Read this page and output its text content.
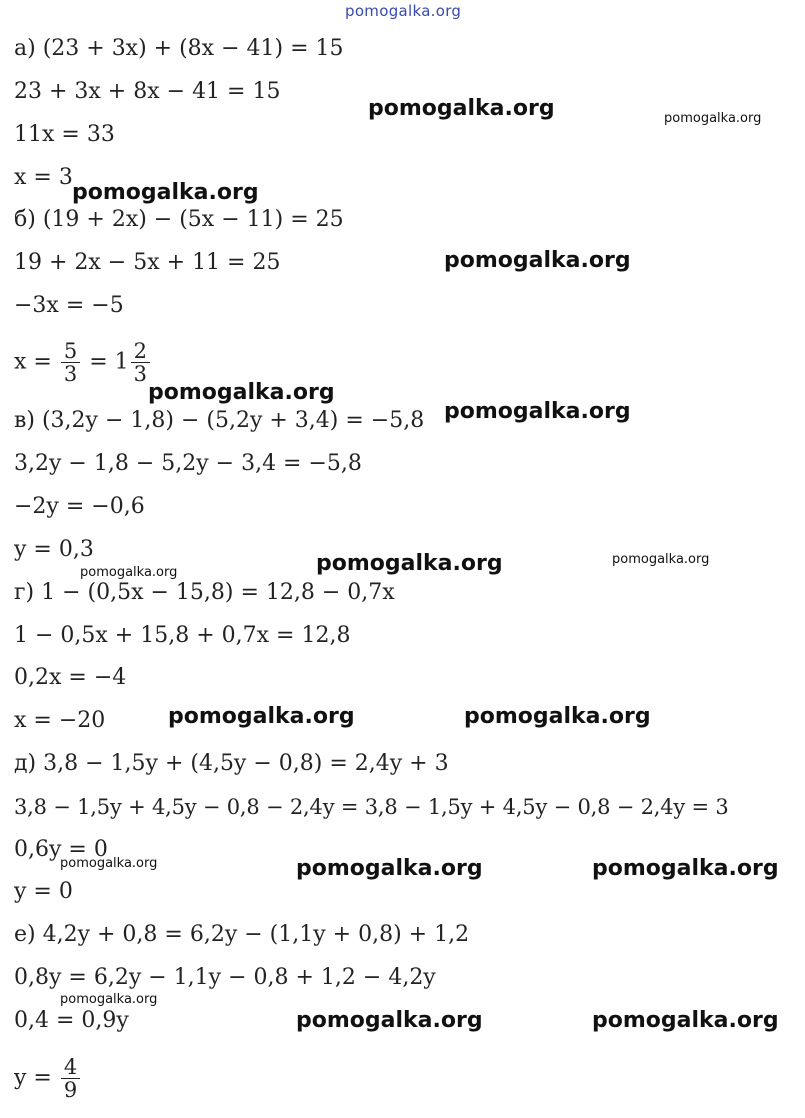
pomogalka.org
а) (23 + 3x) + (8x − 41) = 15
23 + 3x + 8x − 41 = 15
11x = 33
x = 3
б) (19 + 2x) − (5x − 11) = 25
19 + 2x − 5x + 11 = 25
−3x = −5
$x = \frac{5}{3} = 1 \frac{2}{3}$
в) (3,2y − 1,8) − (5,2y + 3,4) = −5,8
3,2y − 1,8 − 5,2y − 3,4 = −5,8
−2y = −0,6
y = 0,3
г) 1 − (0,5x − 15,8) = 12,8 − 0,7x
1 − 0,5x + 15,8 + 0,7x = 12,8
0,2x = −4
x = −20
д) 3,8 − 1,5y + (4,5y − 0,8) = 2,4y + 3
3,8 − 1,5y + 4,5y − 0,8 − 2,4y = 3,8 − 1,5y + 4,5y − 0,8 − 2,4y = 3
0,6y = 0
y = 0
е) 4,2y + 0,8 = 6,2y − (1,1y + 0,8) + 1,2
0,8y = 6,2y − 1,1y − 0,8 + 1,2 − 4,2y
0,4 = 0,9y
$y = \frac{4}{9}$
pomogalka.org	pomogalka.org
pomogalka.org
pomogalka.org
pomogalka.org
pomogalka.org
pomogalka.org	pomogalka.org	pomogalka.org
pomogalka.org	pomogalka.org
pomogalka.org	pomogalka.org	pomogalka.org
pomogalka.org
pomogalka.org	pomogalka.org
